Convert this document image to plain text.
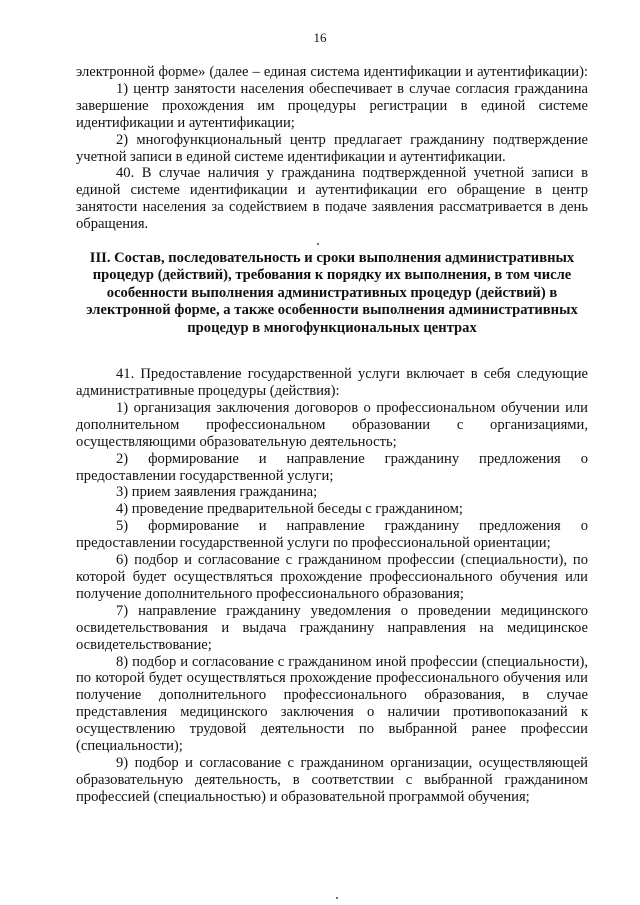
16

электронной форме» (далее – единая система идентификации и аутентификации):

1) центр занятости населения обеспечивает в случае согласия гражданина завершение прохождения им процедуры регистрации в единой системе идентификации и аутентификации;

2) многофункциональный центр предлагает гражданину подтверждение учетной записи в единой системе идентификации и аутентификации.

40. В случае наличия у гражданина подтвержденной учетной записи в единой системе идентификации и аутентификации его обращение в центр занятости населения за содействием в подаче заявления рассматривается в день обращения.

III. Состав, последовательность и сроки выполнения административных процедур (действий), требования к порядку их выполнения, в том числе особенности выполнения административных процедур (действий) в электронной форме, а также особенности выполнения административных процедур в многофункциональных центрах

41. Предоставление государственной услуги включает в себя следующие административные процедуры (действия):

1) организация заключения договоров о профессиональном обучении или дополнительном профессиональном образовании с организациями, осуществляющими образовательную деятельность;

2) формирование и направление гражданину предложения о предоставлении государственной услуги;

3) прием заявления гражданина;

4) проведение предварительной беседы с гражданином;

5) формирование и направление гражданину предложения о предоставлении государственной услуги по профессиональной ориентации;

6) подбор и согласование с гражданином профессии (специальности), по которой будет осуществляться прохождение профессионального обучения или получение дополнительного профессионального образования;

7) направление гражданину уведомления о проведении медицинского освидетельствования и выдача гражданину направления на медицинское освидетельствование;

8) подбор и согласование с гражданином иной профессии (специальности), по которой будет осуществляться прохождение профессионального обучения или получение дополнительного профессионального образования, в случае представления медицинского заключения о наличии противопоказаний к осуществлению трудовой деятельности по выбранной ранее профессии (специальности);

9) подбор и согласование с гражданином организации, осуществляющей образовательную деятельность, в соответствии с выбранной гражданином профессией (специальностью) и образовательной программой обучения;
